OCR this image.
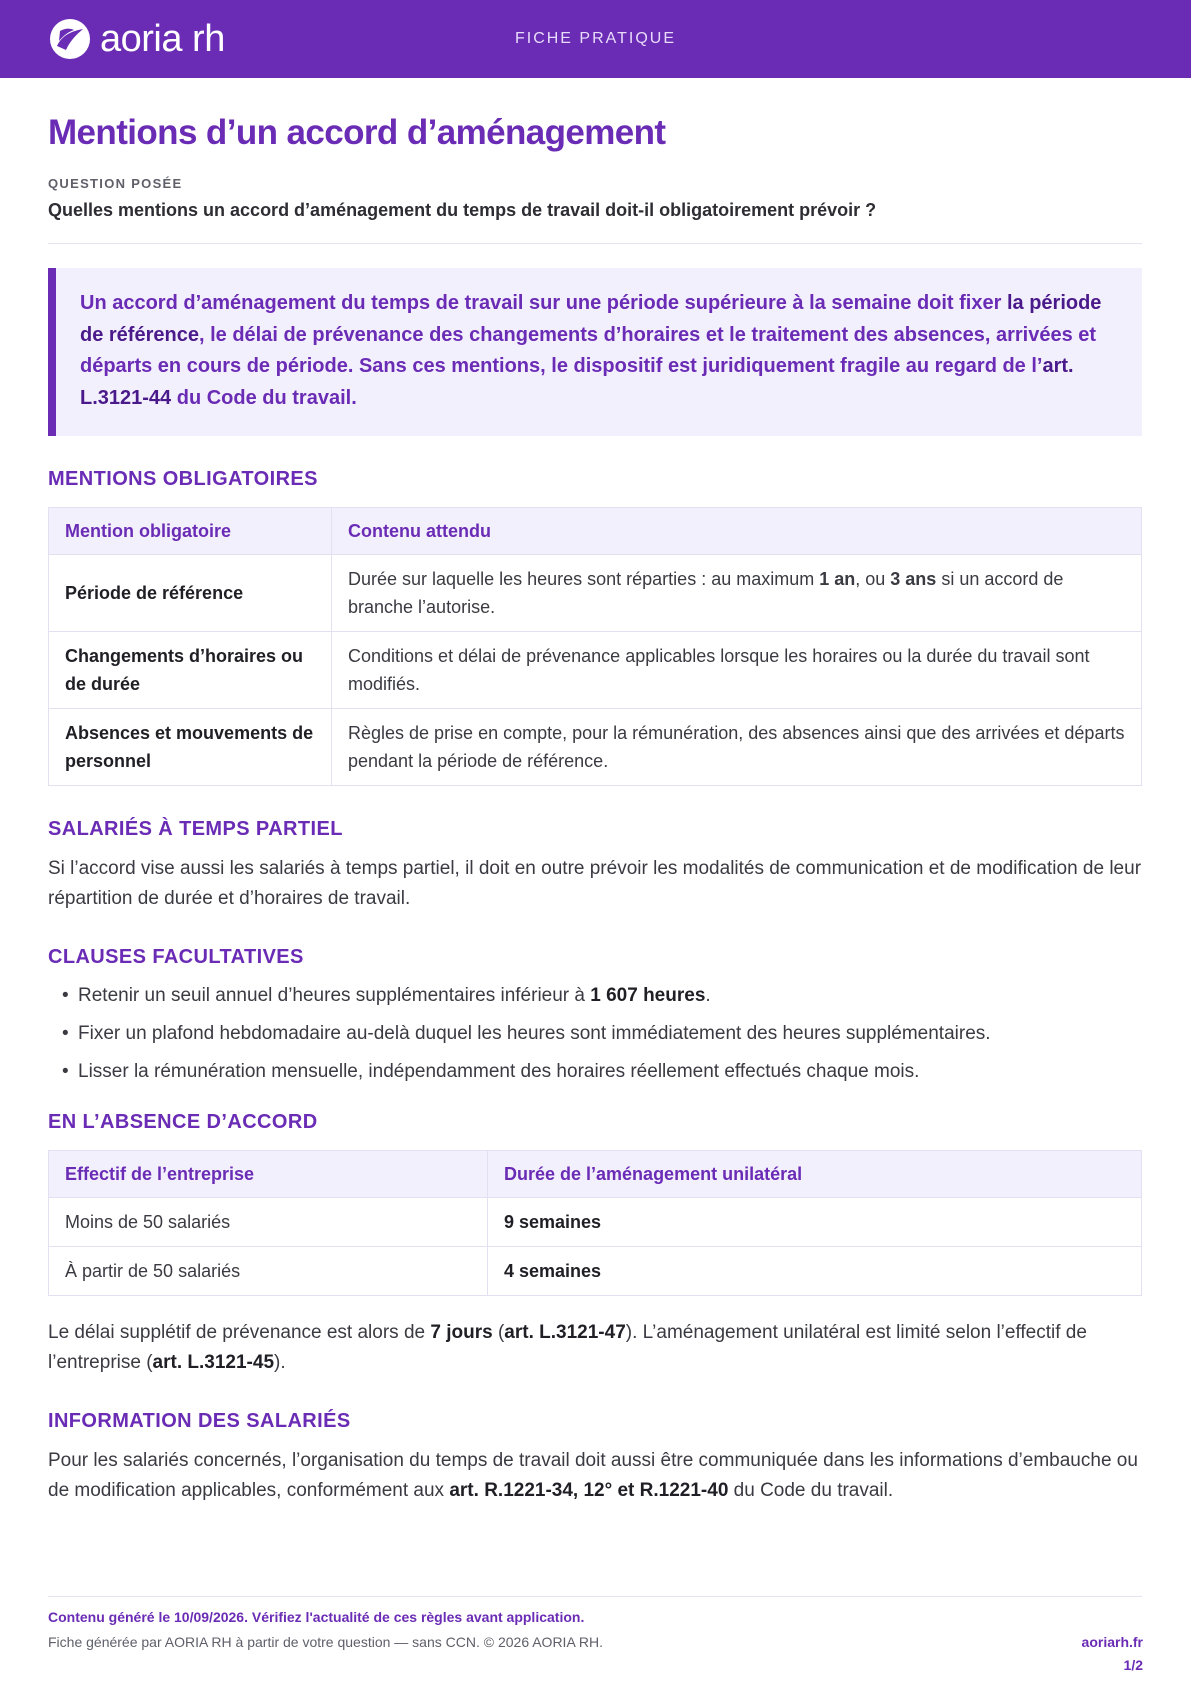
aoria rh	FICHE PRATIQUE
Mentions d’un accord d’aménagement
QUESTION POSÉE
Quelles mentions un accord d’aménagement du temps de travail doit-il obligatoirement prévoir ?
Un accord d’aménagement du temps de travail sur une période supérieure à la semaine doit fixer la période de référence, le délai de prévenance des changements d’horaires et le traitement des absences, arrivées et départs en cours de période. Sans ces mentions, le dispositif est juridiquement fragile au regard de l’art. L.3121-44 du Code du travail.
MENTIONS OBLIGATOIRES
Mention obligatoire	Contenu attendu
Période de référence	Durée sur laquelle les heures sont réparties : au maximum 1 an, ou 3 ans si un accord de branche l’autorise.
Changements d’horaires ou de durée	Conditions et délai de prévenance applicables lorsque les horaires ou la durée du travail sont modifiés.
Absences et mouvements de personnel	Règles de prise en compte, pour la rémunération, des absences ainsi que des arrivées et départs pendant la période de référence.
SALARIÉS À TEMPS PARTIEL

Si l’accord vise aussi les salariés à temps partiel, il doit en outre prévoir les modalités de communication et de modification de leur répartition de durée et d’horaires de travail.

CLAUSES FACULTATIVES
• Retenir un seuil annuel d’heures supplémentaires inférieur à 1 607 heures.
• Fixer un plafond hebdomadaire au-delà duquel les heures sont immédiatement des heures supplémentaires.
• Lisser la rémunération mensuelle, indépendamment des horaires réellement effectués chaque mois.
EN L’ABSENCE D’ACCORD
Effectif de l’entreprise	Durée de l’aménagement unilatéral
Moins de 50 salariés	9 semaines
À partir de 50 salariés	4 semaines

Le délai supplétif de prévenance est alors de 7 jours (art. L.3121-47). L’aménagement unilatéral est limité selon l’effectif de l’entreprise (art. L.3121-45).

INFORMATION DES SALARIÉS

Pour les salariés concernés, l’organisation du temps de travail doit aussi être communiquée dans les informations d’embauche ou de modification applicables, conformément aux art. R.1221-34, 12° et R.1221-40 du Code du travail.

Contenu généré le 10/09/2026. Vérifiez l'actualité de ces règles avant application.
Fiche générée par AORIA RH à partir de votre question — sans CCN. © 2026 AORIA RH.	aoriarh.fr
1/2
